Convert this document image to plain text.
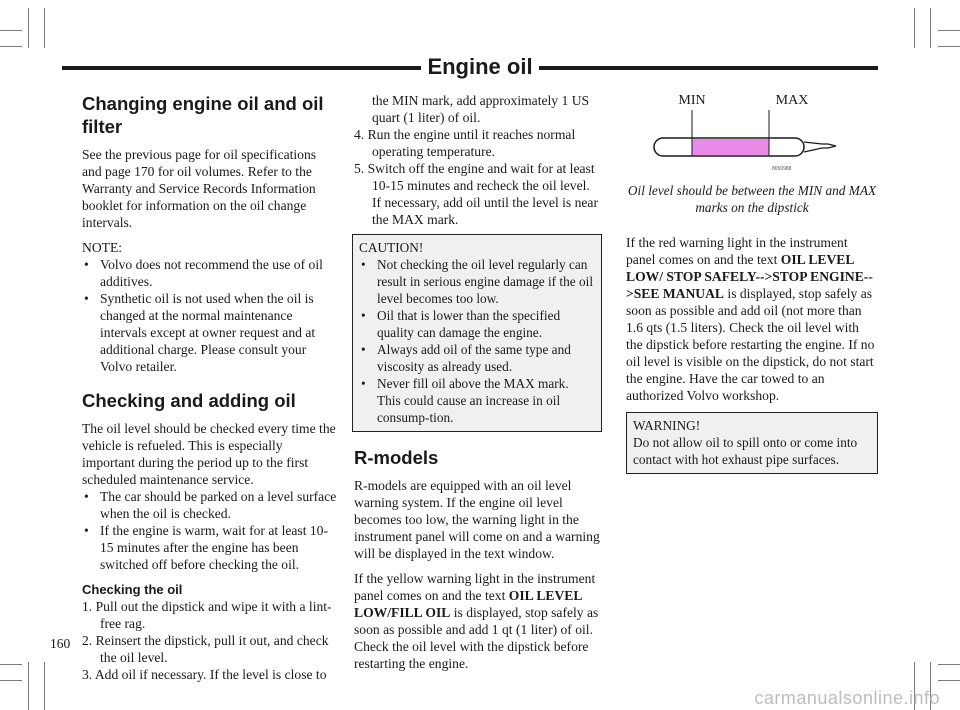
Engine oil
Changing engine oil and oil filter

See the previous page for oil specifications and page 170 for oil volumes. Refer to the Warranty and Service Records Information booklet for information on the oil change intervals.

NOTE:
• Volvo does not recommend the use of oil additives.
• Synthetic oil is not used when the oil is changed at the normal maintenance intervals except at owner request and at additional charge. Please consult your Volvo retailer.
Checking and adding oil

The oil level should be checked every time the vehicle is refueled. This is especially important during the period up to the first scheduled maintenance service.

• The car should be parked on a level surface when the oil is checked.
• If the engine is warm, wait for at least 10-15 minutes after the engine has been switched off before checking the oil.
Checking the oil
1. Pull out the dipstick and wipe it with a lint-free rag.
2. Reinsert the dipstick, pull it out, and check the oil level.
3. Add oil if necessary. If the level is close to
the MIN mark, add approximately 1 US quart (1 liter) of oil.
4. Run the engine until it reaches normal operating temperature.
5. Switch off the engine and wait for at least 10-15 minutes and recheck the oil level. If necessary, add oil until the level is near the MAX mark.
CAUTION!
• Not checking the oil level regularly can result in serious engine damage if the oil level becomes too low.
• Oil that is lower than the specified quality can damage the engine.
• Always add oil of the same type and viscosity as already used.
• Never fill oil above the MAX mark. This could cause an increase in oil consump-tion.
R-models

R-models are equipped with an oil level warning system. If the engine oil level becomes too low, the warning light in the instrument panel will come on and a warning will be displayed in the text window.

If the yellow warning light in the instrument panel comes on and the text OIL LEVEL LOW/FILL OIL is displayed, stop safely as soon as possible and add 1 qt (1 liter) of oil. Check the oil level with the dipstick before restarting the engine.

MIN	MAX
8650988
Oil level should be between the MIN and MAX marks on the dipstick

If the red warning light in the instrument panel comes on and the text OIL LEVEL LOW/ STOP SAFELY-->STOP ENGINE-->SEE MANUAL is displayed, stop safely as soon as possible and add oil (not more than 1.6 qts (1.5 liters). Check the oil level with the dipstick before restarting the engine. If no oil level is visible on the dipstick, do not start the engine. Have the car towed to an authorized Volvo workshop.

WARNING!
Do not allow oil to spill onto or come into contact with hot exhaust pipe surfaces.
160
carmanualsonline.info
